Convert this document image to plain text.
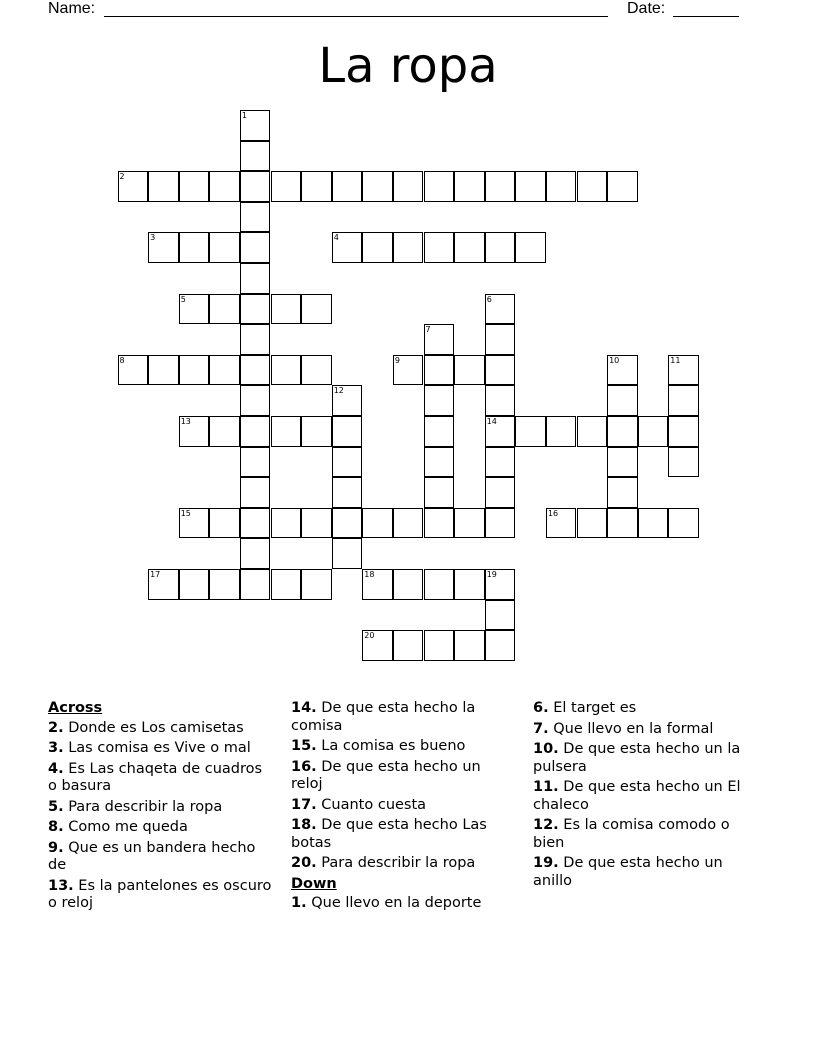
Name:	Date:
La ropa
1
2
3	4
5	6
14
7
8	9	10	11
12
13
15	16
17	18	19
20
Across
2. Donde es Los camisetas
3. Las comisa es Vive o mal
4. Es Las chaqeta de cuadros o basura
5. Para describir la ropa
8. Como me queda
9. Que es un bandera hecho de
13. Es la pantelones es oscuro o reloj
14. De que esta hecho la comisa
15. La comisa es bueno
16. De que esta hecho un reloj
17. Cuanto cuesta
18. De que esta hecho Las botas
20. Para describir la ropa
Down
1. Que llevo en la deporte
6. El target es
7. Que llevo en la formal
10. De que esta hecho un la pulsera
11. De que esta hecho un El chaleco
12. Es la comisa comodo o bien
19. De que esta hecho un anillo
